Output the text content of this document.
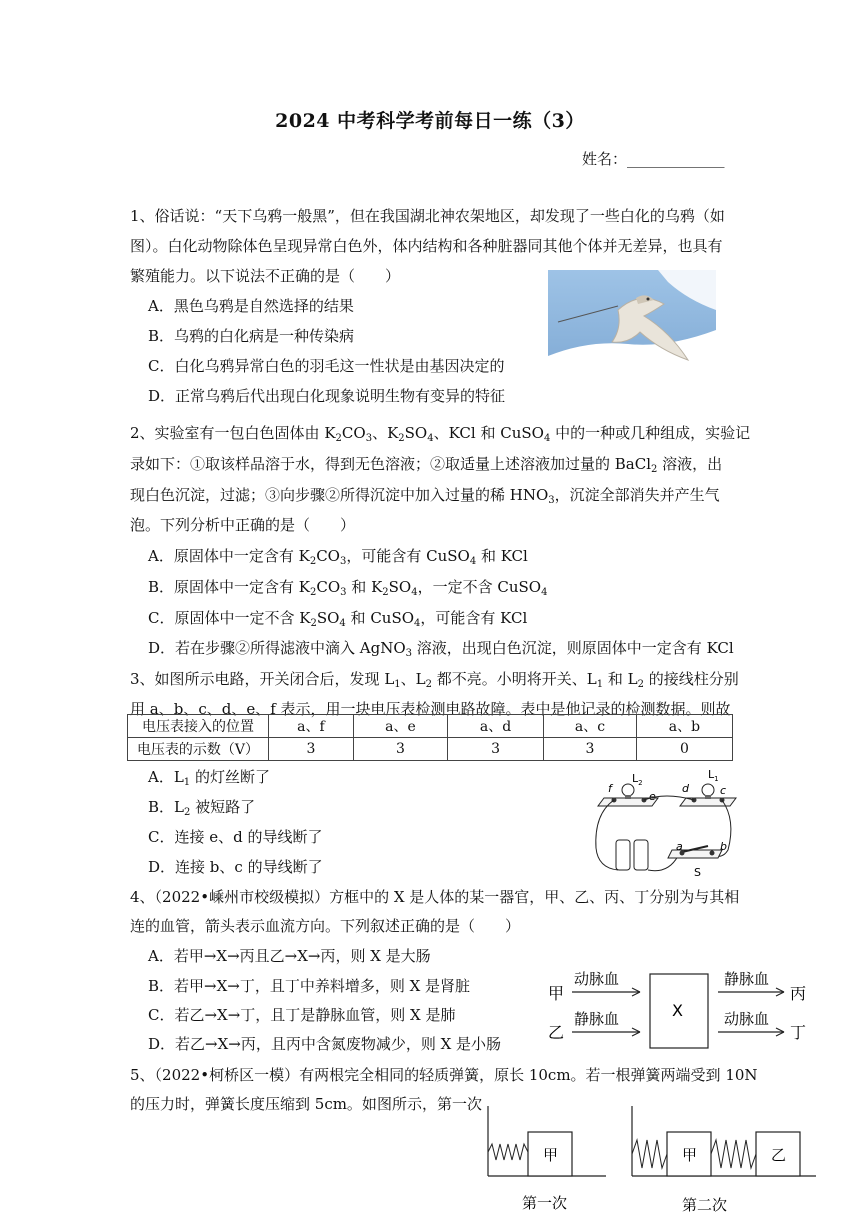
2024 中考科学考前每日一练（3）
姓名：_____________
1、俗话说：“天下乌鸦一般黑”，但在我国湖北神农架地区，却发现了一些白化的乌鸦（如
图）。白化动物除体色呈现异常白色外，体内结构和各种脏器同其他个体并无差异，也具有
繁殖能力。以下说法不正确的是（　　）
A．黑色乌鸦是自然选择的结果
B．乌鸦的白化病是一种传染病
C．白化乌鸦异常白色的羽毛这一性状是由基因决定的
D．正常乌鸦后代出现白化现象说明生物有变异的特征
2、实验室有一包白色固体由 $K_2CO_3$、$K_2SO_4$、KCl 和 CuSO$_4$ 中的一种或几种组成，实验记
录如下：①取该样品溶于水，得到无色溶液；②取适量上述溶液加过量的 BaCl$_2$ 溶液，出
现白色沉淀，过滤；③向步骤②所得沉淀中加入过量的稀 $HNO_3$，沉淀全部消失并产生气
泡。下列分析中正确的是（　　）
A．原固体中一定含有 $K_2CO_3$，可能含有 CuSO$_4$ 和 KCl
B．原固体中一定含有 $K_2CO_3$ 和 $K_2SO_4$，一定不含 CuSO$_4$
C．原固体中一定不含 $K_2SO_4$ 和 CuSO$_4$，可能含有 KCl
D．若在步骤②所得滤液中滴入 AgNO$_3$ 溶液，出现白色沉淀，则原固体中一定含有 KCl
3、如图所示电路，开关闭合后，发现 $L_1$、$L_2$ 都不亮。小明将开关、$L_1$ 和 $L_2$ 的接线柱分别
用 a、b、c、d、e、f 表示，用一块电压表检测电路故障。表中是他记录的检测数据。则故
电压表接入的位置	a、f	a、e	a、d	a、c	a、b
电压表的示数（V）	3	3	3	3	0
A．$L_1$ 的灯丝断了
B．$L_2$ 被短路了
C．连接 e、d 的导线断了
D．连接 b、c 的导线断了
f
e
d	c
$L_2$
$L_1$
a	b
S
4、（2022•嵊州市校级模拟）方框中的 X 是人体的某一器官，甲、乙、丙、丁分别为与其相
连的血管，箭头表示血流方向。下列叙述正确的是（　　）
A．若甲→X→丙且乙→X→丙，则 X 是大肠
B．若甲→X→丁，且丁中养料增多，则 X 是肾脏
C．若乙→X→丁，且丁是静脉血管，则 X 是肺
D．若乙→X→丙，且丙中含氮废物减少，则 X 是小肠
甲
乙
动脉血
静脉血	X
静脉血
动脉血
丙
丁
5、（2022•柯桥区一模）有两根完全相同的轻质弹簧，原长 10cm。若一根弹簧两端受到 10N
的压力时，弹簧长度压缩到 5cm。如图所示，第一次
甲
第一次
甲	乙
第二次
